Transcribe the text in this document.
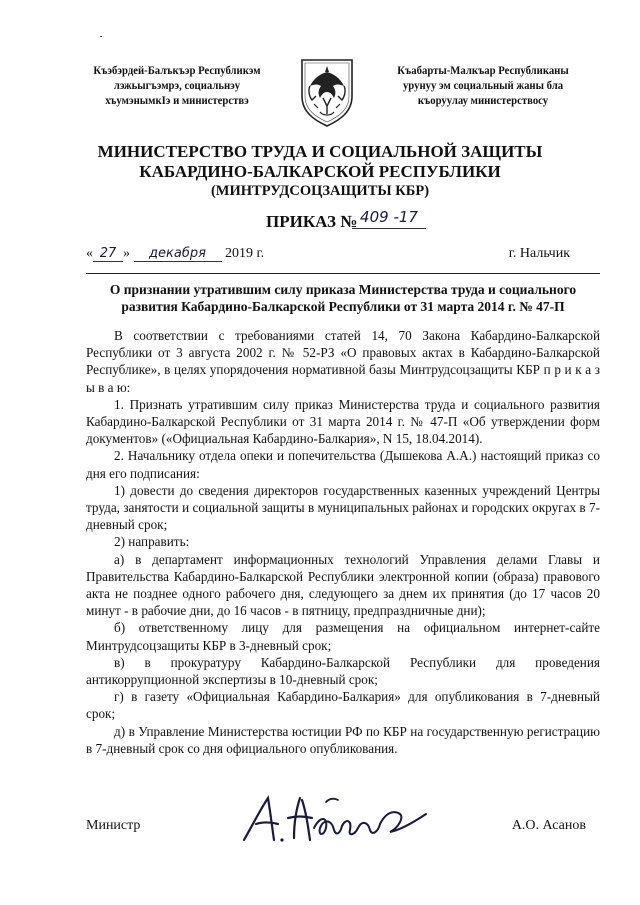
Къэбэрдей-Балъкъэр Республикэм
лэжьыгъэмрэ, социальнэу
хъумэнымкIэ и министерствэ
Къабарты-Малкъар Республиканы
урунуу эм социальный жаны бла
къоруулау министерствосу
МИНИСТЕРСТВО ТРУДА И СОЦИАЛЬНОЙ ЗАЩИТЫ
КАБАРДИНО-БАЛКАРСКОЙ РЕСПУБЛИКИ
(МИНТРУДСОЦЗАЩИТЫ КБР)
ПРИКАЗ № 409 -17
« 27 » декабря 2019 г.	г. Нальчик
О признании утратившим силу приказа Министерства труда и социального
развития Кабардино-Балкарской Республики от 31 марта 2014 г. № 47-П

В соответствии с требованиями статей 14, 70 Закона Кабардино-Балкарской Республики от 3 августа 2002 г. № 52-РЗ «О правовых актах в Кабардино-Балкарской Республике», в целях упорядочения нормативной базы Минтрудсоцзащиты КБР п р и к а з ы в а ю:

1. Признать утратившим силу приказ Министерства труда и социального развития Кабардино-Балкарской Республики от 31 марта 2014 г. № 47-П «Об утверждении форм документов» («Официальная Кабардино-Балкария», N 15, 18.04.2014).

2. Начальнику отдела опеки и попечительства (Дышекова А.А.) настоящий приказ со дня его подписания:

1) довести до сведения директоров государственных казенных учреждений Центры труда, занятости и социальной защиты в муниципальных районах и городских округах в 7-дневный срок;

2) направить:

а) в департамент информационных технологий Управления делами Главы и Правительства Кабардино-Балкарской Республики электронной копии (образа) правового акта не позднее одного рабочего дня, следующего за днем их принятия (до 17 часов 20 минут - в рабочие дни, до 16 часов - в пятницу, предпраздничные дни);

б) ответственному лицу для размещения на официальном интернет-сайте Минтрудсоцзащиты КБР в 3-дневный срок;

в) в прокуратуру Кабардино-Балкарской Республики для проведения антикоррупционной экспертизы в 10-дневный срок;

г) в газету «Официальная Кабардино-Балкария» для опубликования в 7-дневный срок;

д) в Управление Министерства юстиции РФ по КБР на государственную регистрацию в 7-дневный срок со дня официального опубликования.

Министр	А.О. Асанов
